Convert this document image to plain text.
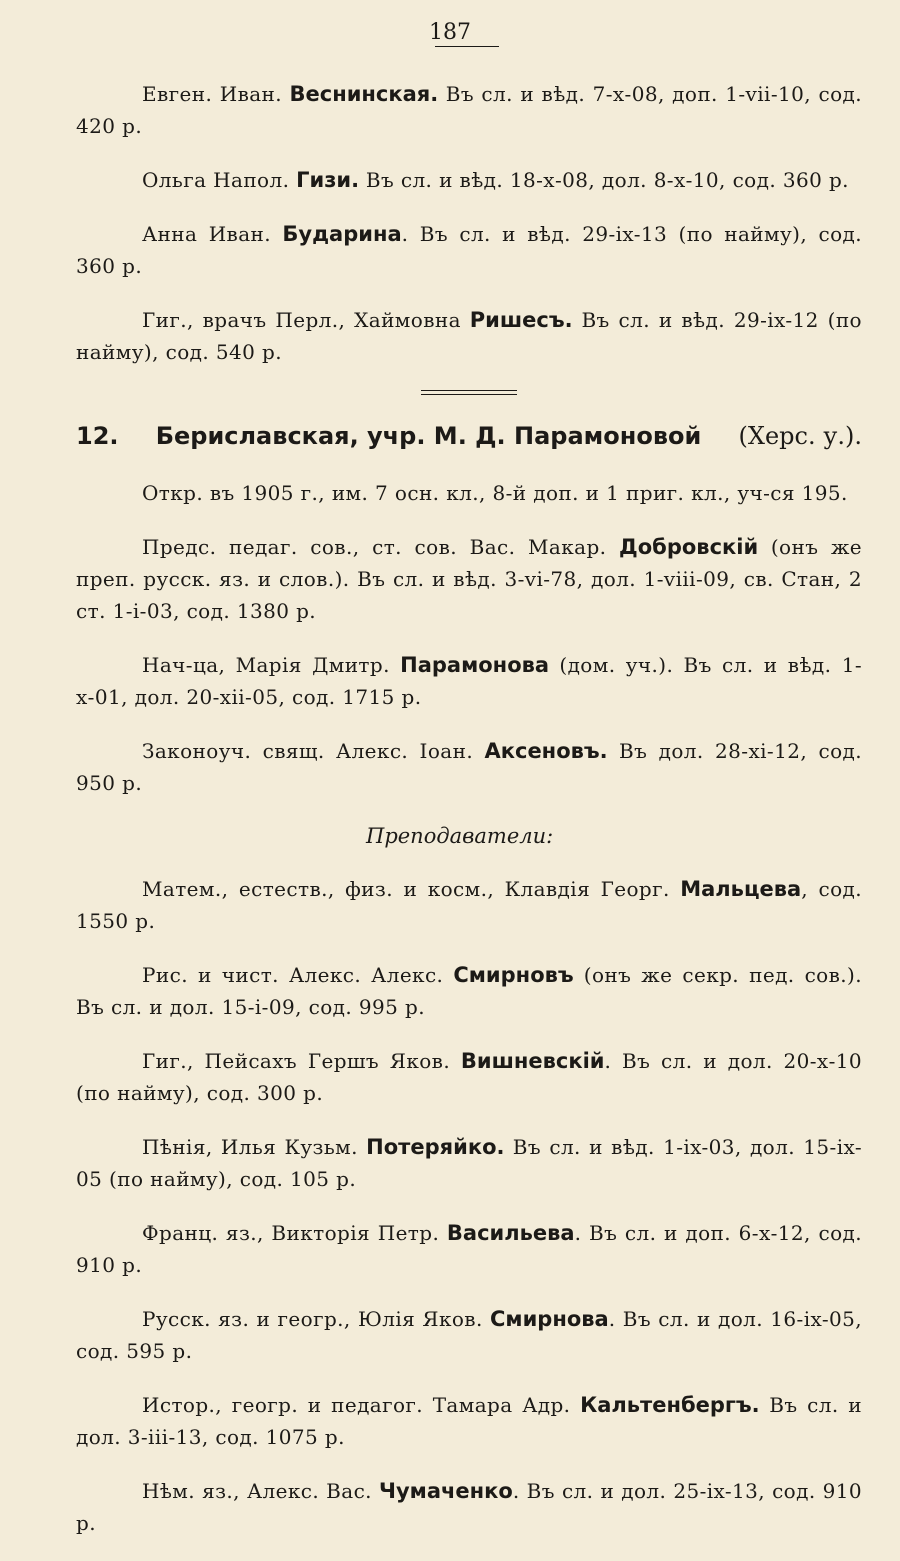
187

Евген. Иван. Веснинская. Въ сл. и вѣд. 7-х-08, доп. 1-vii-10, сод. 420 р.

Ольга Напол. Гизи. Въ сл. и вѣд. 18-х-08, дол. 8-х-10, сод. 360 р.

Анна Иван. Бударина. Въ сл. и вѣд. 29-ix-13 (по найму), сод. 360 р.

Гиг., врачъ Перл., Хаймовна Ришесъ. Въ сл. и вѣд. 29-ix-12 (по найму), сод. 540 р.

12. Бериславская, учр. М. Д. Парамоновой (Херс. у.).

Откр. въ 1905 г., им. 7 осн. кл., 8-й доп. и 1 приг. кл., уч-ся 195.

Предс. педаг. сов., ст. сов. Вас. Макар. Добровскій (онъ же преп. русск. яз. и слов.). Въ сл. и вѣд. 3-vi-78, дол. 1-viii-09, св. Стан, 2 ст. 1-i-03, сод. 1380 р.

Нач-ца, Марія Дмитр. Парамонова (дом. уч.). Въ сл. и вѣд. 1-х-01, дол. 20-xii-05, сод. 1715 р.

Законоуч. свящ. Алекс. Іоан. Аксеновъ. Въ дол. 28-xi-12, сод. 950 р.

Преподаватели:

Матем., естеств., физ. и косм., Клавдія Георг. Мальцева, сод. 1550 р.

Рис. и чист. Алекс. Алекс. Смирновъ (онъ же секр. пед. сов.). Въ сл. и дол. 15-i-09, сод. 995 р.

Гиг., Пейсахъ Гершъ Яков. Вишневскій. Въ сл. и дол. 20-х-10 (по найму), сод. 300 р.

Пѣнія, Илья Кузьм. Потеряйко. Въ сл. и вѣд. 1-ix-03, дол. 15-ix-05 (по найму), сод. 105 р.

Франц. яз., Викторія Петр. Васильева. Въ сл. и доп. 6-х-12, сод. 910 р.

Русск. яз. и геогр., Юлія Яков. Смирнова. Въ сл. и дол. 16-ix-05, сод. 595 р.

Истор., геогр. и педагог. Тамара Адр. Кальтенбергъ. Въ сл. и дол. 3-iii-13, сод. 1075 р.

Нѣм. яз., Алекс. Вас. Чумаченко. Въ сл. и дол. 25-ix-13, сод. 910 р.
